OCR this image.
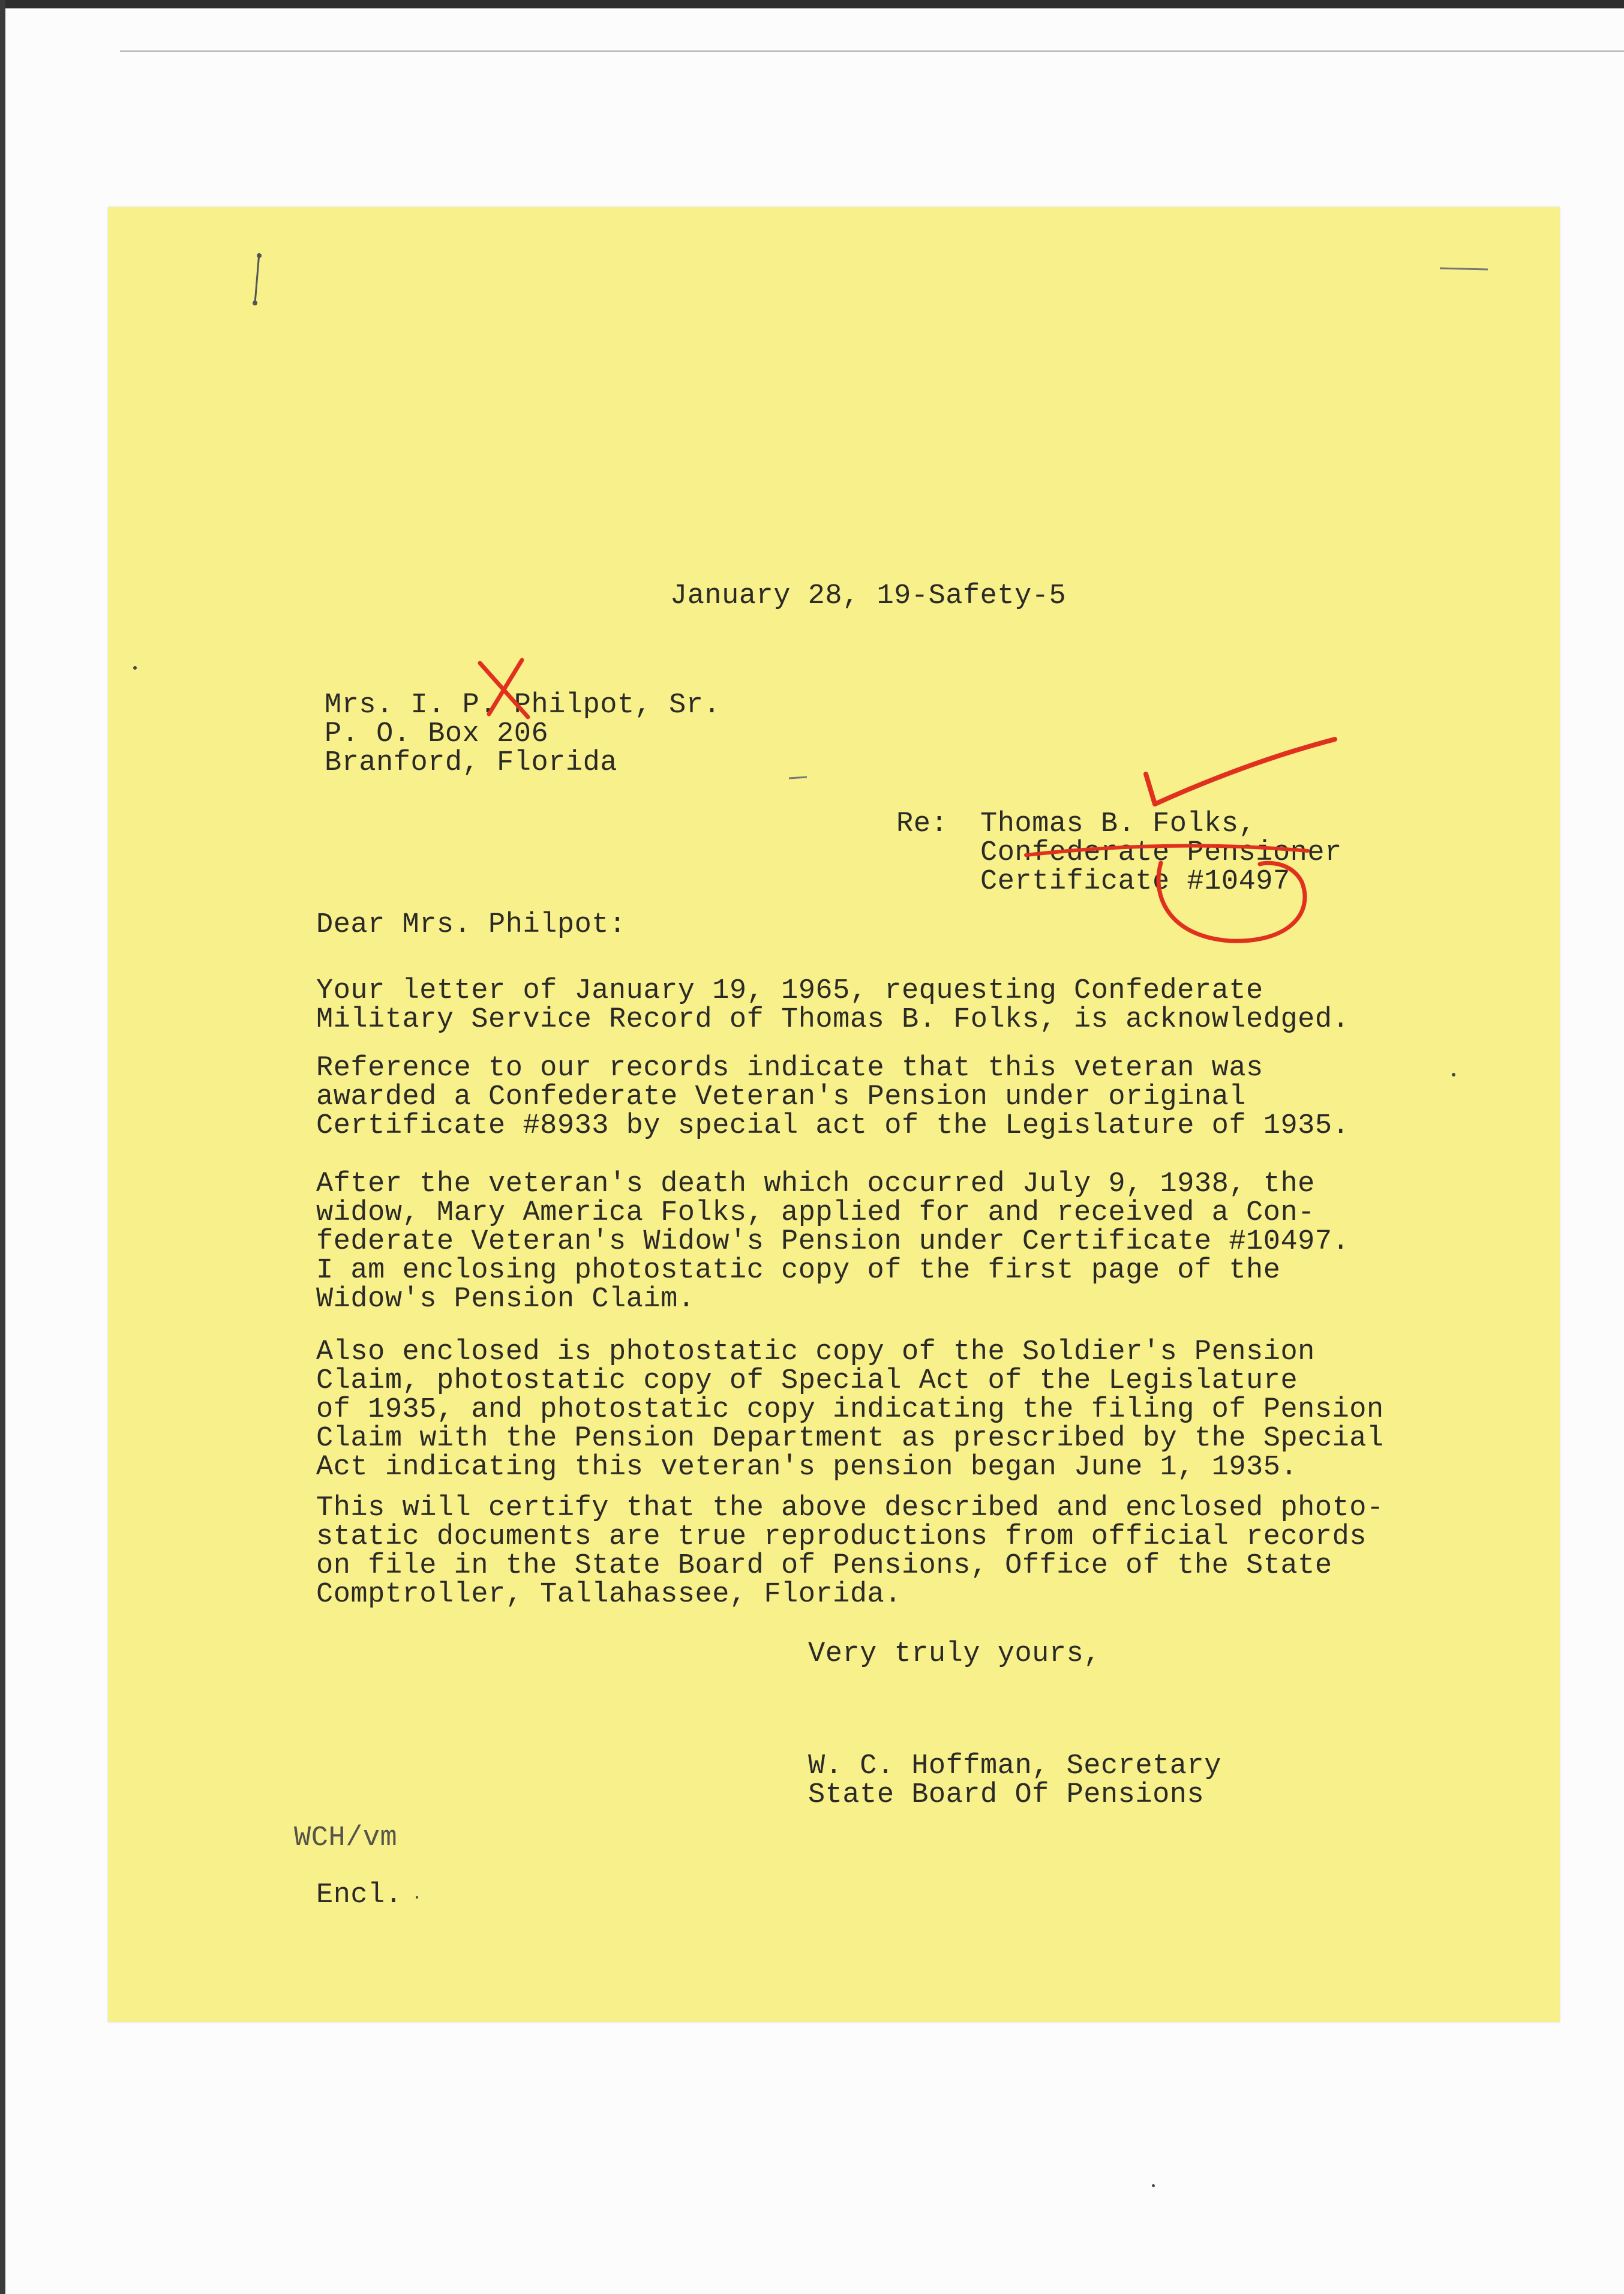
January 28, 19-Safety-5
Mrs. I. P. Philpot, Sr.
P. O. Box 206
Branford, Florida
Re: Thomas B. Folks,
Confederate Pensioner
Certificate #10497
Dear Mrs. Philpot:
Your letter of January 19, 1965, requesting Confederate
Military Service Record of Thomas B. Folks, is acknowledged.
Reference to our records indicate that this veteran was
awarded a Confederate Veteran's Pension under original
Certificate #8933 by special act of the Legislature of 1935.
After the veteran's death which occurred July 9, 1938, the
widow, Mary America Folks, applied for and received a Con-
federate Veteran's Widow's Pension under Certificate #10497.
I am enclosing photostatic copy of the first page of the
Widow's Pension Claim.
Also enclosed is photostatic copy of the Soldier's Pension
Claim, photostatic copy of Special Act of the Legislature
of 1935, and photostatic copy indicating the filing of Pension
Claim with the Pension Department as prescribed by the Special
Act indicating this veteran's pension began June 1, 1935.
This will certify that the above described and enclosed photo-
static documents are true reproductions from official records
on file in the State Board of Pensions, Office of the State
Comptroller, Tallahassee, Florida.
Very truly yours,
W. C. Hoffman, Secretary
State Board Of Pensions
WCH/vm
Encl.
